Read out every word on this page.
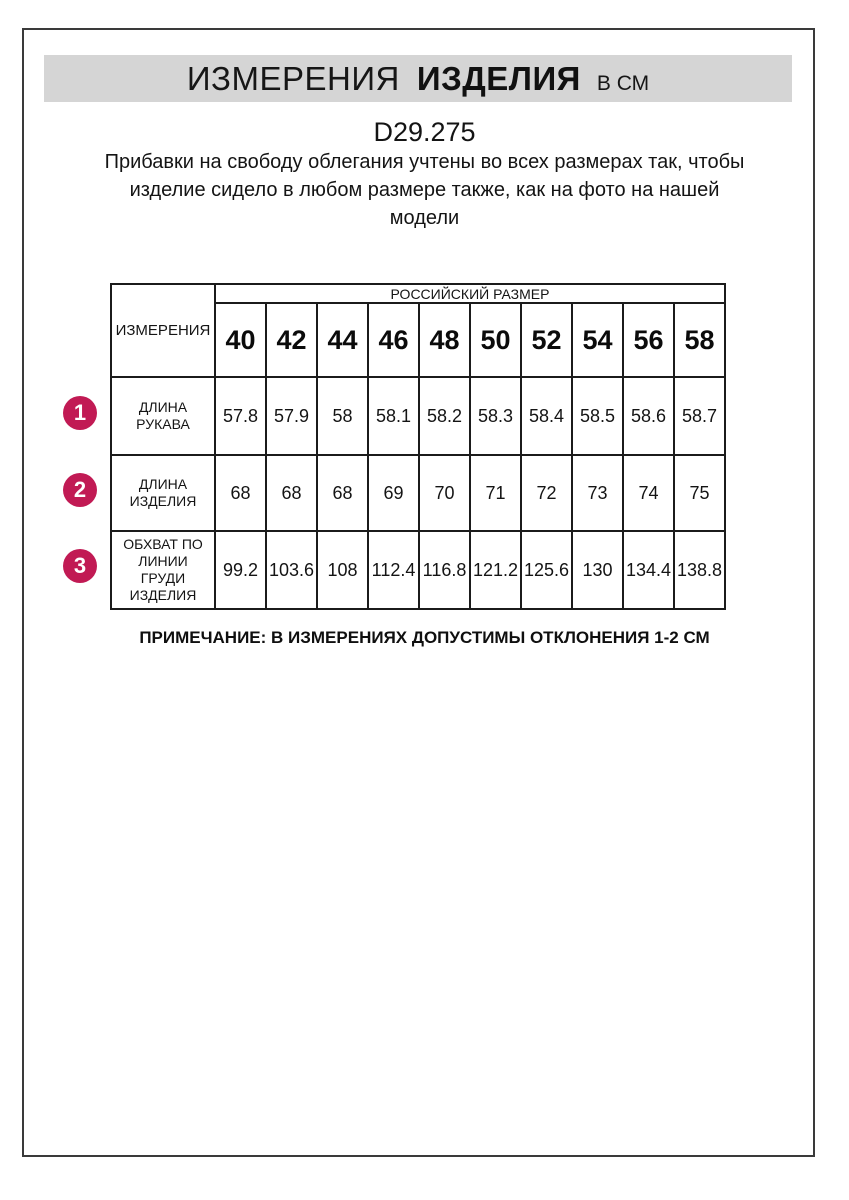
ИЗМЕРЕНИЯ ИЗДЕЛИЯ В СМ
D29.275
Прибавки на свободу облегания учтены во всех размерах так, чтобы
изделие сидело в любом размере также, как на фото на нашей
модели
ИЗМЕРЕНИЯ	РОССИЙСКИЙ РАЗМЕР									
	40	42	44	46	48	50	52	54	56	58

ДЛИНА
РУКАВА	57.8	57.9	58	58.1	58.2	58.3	58.4	58.5	58.6	58.7

ДЛИНА
ИЗДЕЛИЯ	68	68	68	69	70	71	72	73	74	75

ОБХВАТ ПО
ЛИНИИ
ГРУДИ
ИЗДЕЛИЯ	99.2	103.6	108	112.4	116.8	121.2	125.6	130	134.4	138.8
1
2
3
ПРИМЕЧАНИЕ: В ИЗМЕРЕНИЯХ ДОПУСТИМЫ ОТКЛОНЕНИЯ 1-2 СМ
